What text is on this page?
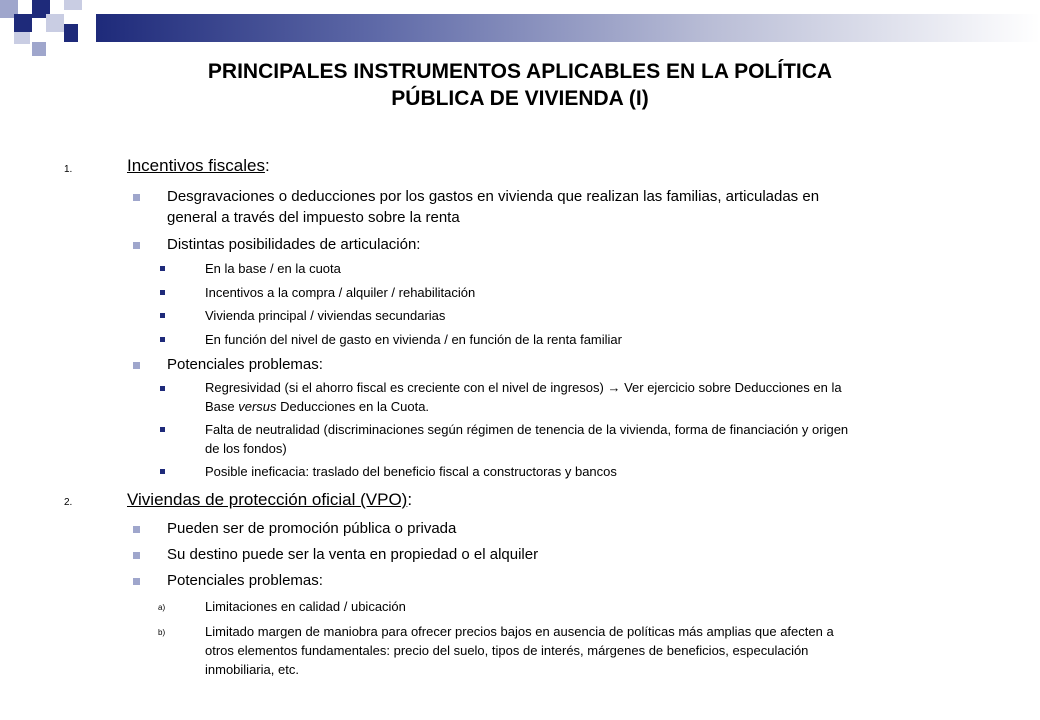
PRINCIPALES INSTRUMENTOS APLICABLES EN LA POLÍTICA
PÚBLICA DE VIVIENDA (I)
1.	Incentivos fiscales:
Desgravaciones o deducciones por los gastos en vivienda que realizan las familias, articuladas en
general a través del impuesto sobre la renta
Distintas posibilidades de articulación:
En la base / en la cuota
Incentivos a la compra / alquiler / rehabilitación
Vivienda principal / viviendas secundarias
En función del nivel de gasto en vivienda / en función de la renta familiar
Potenciales problemas:
Regresividad (si el ahorro fiscal es creciente con el nivel de ingresos) → Ver ejercicio sobre Deducciones en la
Base versus Deducciones en la Cuota.
Falta de neutralidad (discriminaciones según régimen de tenencia de la vivienda, forma de financiación y origen
de los fondos)
Posible ineficacia: traslado del beneficio fiscal a constructoras y bancos
2.	Viviendas de protección oficial (VPO):
Pueden ser de promoción pública o privada
Su destino puede ser la venta en propiedad o el alquiler
Potenciales problemas:
a)	Limitaciones en calidad / ubicación
b)	Limitado margen de maniobra para ofrecer precios bajos en ausencia de políticas más amplias que afecten a
otros elementos fundamentales: precio del suelo, tipos de interés, márgenes de beneficios, especulación
inmobiliaria, etc.
